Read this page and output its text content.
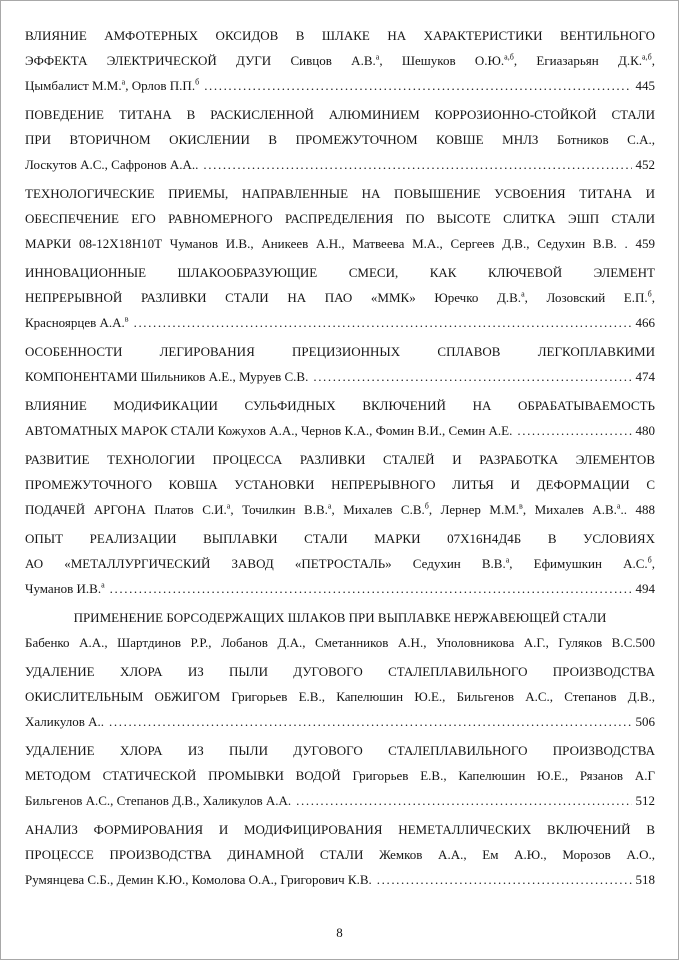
ВЛИЯНИЕ АМФОТЕРНЫХ ОКСИДОВ В ШЛАКЕ НА ХАРАКТЕРИСТИКИ ВЕНТИЛЬНОГО
ЭФФЕКТА ЭЛЕКТРИЧЕСКОЙ ДУГИ Сивцов А.В.$^а$, Шешуков О.Ю.$^{а,б}$, Егиазарьян Д.К.$^{а,б}$,
Цымбалист М.М.$^а$, Орлов П.П.$^б$ .....	445
ПОВЕДЕНИЕ ТИТАНА В РАСКИСЛЕННОЙ АЛЮМИНИЕМ КОРРОЗИОННО-СТОЙКОЙ СТАЛИ
ПРИ ВТОРИЧНОМ ОКИСЛЕНИИ В ПРОМЕЖУТОЧНОМ КОВШЕ МНЛЗ Ботников С.А.,
Лоскутов А.С., Сафронов А.А.. .....	452
ТЕХНОЛОГИЧЕСКИЕ ПРИЕМЫ, НАПРАВЛЕННЫЕ НА ПОВЫШЕНИЕ УСВОЕНИЯ ТИТАНА И
ОБЕСПЕЧЕНИЕ ЕГО РАВНОМЕРНОГО РАСПРЕДЕЛЕНИЯ ПО ВЫСОТЕ СЛИТКА ЭШП СТАЛИ
МАРКИ 08-12Х18Н10Т Чуманов И.В., Аникеев А.Н., Матвеева М.А., Сергеев Д.В., Седухин В.В. . 459
ИННОВАЦИОННЫЕ ШЛАКООБРАЗУЮЩИЕ СМЕСИ, КАК КЛЮЧЕВОЙ ЭЛЕМЕНТ
НЕПРЕРЫВНОЙ РАЗЛИВКИ СТАЛИ НА ПАО «ММК» Юречко Д.В.$^а$, Лозовский Е.П.$^б$,
Красноярцев А.А.$^в$ .....	466
ОСОБЕННОСТИ ЛЕГИРОВАНИЯ ПРЕЦИЗИОННЫХ СПЛАВОВ ЛЕГКОПЛАВКИМИ
КОМПОНЕНТАМИ Шильников А.Е., Муруев С.В. .....	474
ВЛИЯНИЕ МОДИФИКАЦИИ СУЛЬФИДНЫХ ВКЛЮЧЕНИЙ НА ОБРАБАТЫВАЕМОСТЬ
АВТОМАТНЫХ МАРОК СТАЛИ Кожухов А.А., Чернов К.А., Фомин В.И., Семин А.Е. .....	480
РАЗВИТИЕ ТЕХНОЛОГИИ ПРОЦЕССА РАЗЛИВКИ СТАЛЕЙ И РАЗРАБОТКА ЭЛЕМЕНТОВ
ПРОМЕЖУТОЧНОГО КОВША УСТАНОВКИ НЕПРЕРЫВНОГО ЛИТЬЯ И ДЕФОРМАЦИИ С
ПОДАЧЕЙ АРГОНА Платов С.И.$^а$, Точилкин В.В.$^а$, Михалев С.В.$^б$, Лернер М.М.$^в$, Михалев А.В.$^а$.. 488
ОПЫТ РЕАЛИЗАЦИИ ВЫПЛАВКИ СТАЛИ МАРКИ 07Х16Н4Д4Б В УСЛОВИЯХ
АО «МЕТАЛЛУРГИЧЕСКИЙ ЗАВОД «ПЕТРОСТАЛЬ» Седухин В.В.$^а$, Ефимушкин А.С.$^б$,
Чуманов И.В.$^а$ .....	494
ПРИМЕНЕНИЕ БОРСОДЕРЖАЩИХ ШЛАКОВ ПРИ ВЫПЛАВКЕ НЕРЖАВЕЮЩЕЙ СТАЛИ
Бабенко А.А., Шартдинов Р.Р., Лобанов Д.А., Сметанников А.Н., Уполовникова А.Г., Гуляков В.С.500
УДАЛЕНИЕ ХЛОРА ИЗ ПЫЛИ ДУГОВОГО СТАЛЕПЛАВИЛЬНОГО ПРОИЗВОДСТВА
ОКИСЛИТЕЛЬНЫМ ОБЖИГОМ Григорьев Е.В., Капелюшин Ю.Е., Бильгенов А.С., Степанов Д.В.,
Халикулов А.. .....	506
УДАЛЕНИЕ ХЛОРА ИЗ ПЫЛИ ДУГОВОГО СТАЛЕПЛАВИЛЬНОГО ПРОИЗВОДСТВА
МЕТОДОМ СТАТИЧЕСКОЙ ПРОМЫВКИ ВОДОЙ Григорьев Е.В., Капелюшин Ю.Е., Рязанов А.Г
Бильгенов А.С., Степанов Д.В., Халикулов А.А. .....	512
АНАЛИЗ ФОРМИРОВАНИЯ И МОДИФИЦИРОВАНИЯ НЕМЕТАЛЛИЧЕСКИХ ВКЛЮЧЕНИЙ В
ПРОЦЕССЕ ПРОИЗВОДСТВА ДИНАМНОЙ СТАЛИ Жемков А.А., Ем А.Ю., Морозов А.О.,
Румянцева С.Б., Демин К.Ю., Комолова О.А., Григорович К.В. .....	518
8
